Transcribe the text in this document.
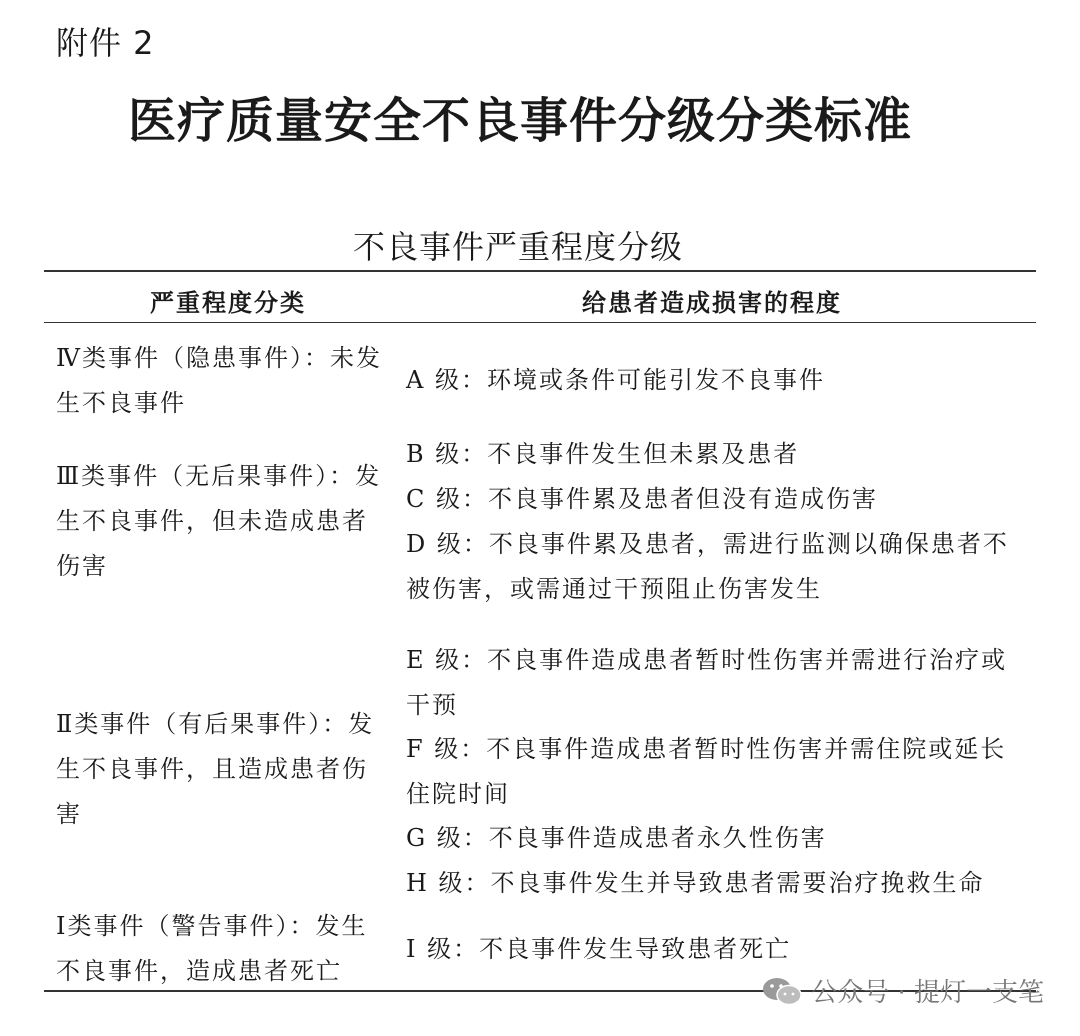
附件 2
医疗质量安全不良事件分级分类标准
不良事件严重程度分级
严重程度分类	给患者造成损害的程度
Ⅳ类事件（隐患事件）：未发生不良事件
Ⅲ类事件（无后果事件）：发生不良事件，但未造成患者伤害
Ⅱ类事件（有后果事件）：发生不良事件，且造成患者伤害
Ⅰ类事件（警告事件）：发生不良事件，造成患者死亡
A 级：环境或条件可能引发不良事件
B 级：不良事件发生但未累及患者
C 级：不良事件累及患者但没有造成伤害
D 级：不良事件累及患者，需进行监测以确保患者不被伤害，或需通过干预阻止伤害发生
E 级：不良事件造成患者暂时性伤害并需进行治疗或干预
F 级：不良事件造成患者暂时性伤害并需住院或延长住院时间
G 级：不良事件造成患者永久性伤害
H 级：不良事件发生并导致患者需要治疗挽救生命
I 级：不良事件发生导致患者死亡
公众号 · 提灯一支笔
